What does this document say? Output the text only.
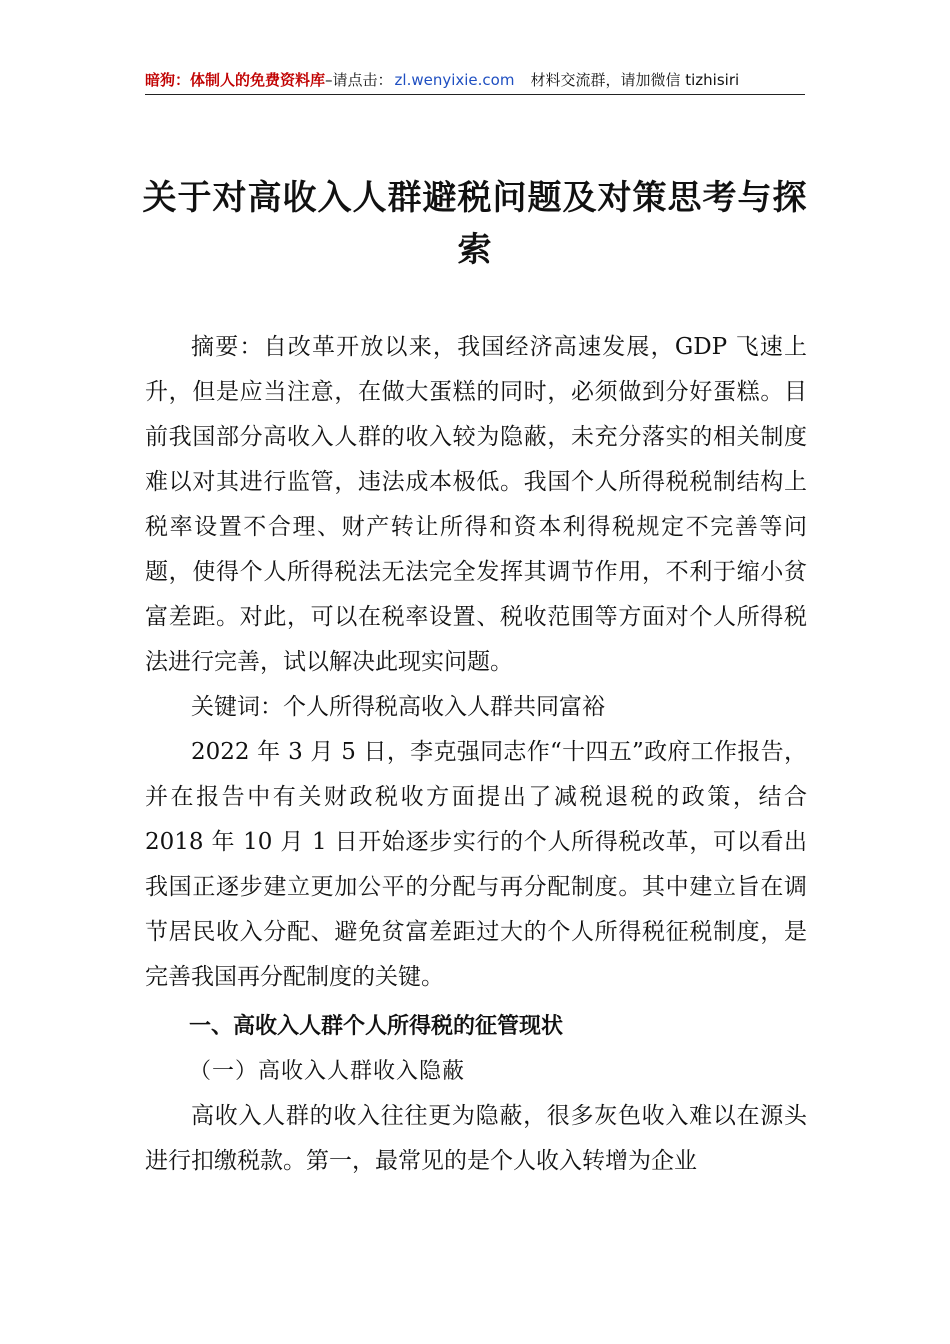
暗狗：体制人的免费资料库–请点击： zl.wenyixie.com 材料交流群，请加微信 tizhisiri
关于对高收入人群避税问题及对策思考与探索

摘要：自改革开放以来，我国经济高速发展，GDP 飞速上升，但是应当注意，在做大蛋糕的同时，必须做到分好蛋糕。目前我国部分高收入人群的收入较为隐蔽，未充分落实的相关制度难以对其进行监管，违法成本极低。我国个人所得税税制结构上税率设置不合理、财产转让所得和资本利得税规定不完善等问题，使得个人所得税法无法完全发挥其调节作用，不利于缩小贫富差距。对此，可以在税率设置、税收范围等方面对个人所得税法进行完善，试以解决此现实问题。

关键词：个人所得税高收入人群共同富裕

2022 年 3 月 5 日，李克强同志作“十四五”政府工作报告，并在报告中有关财政税收方面提出了减税退税的政策，结合 2018 年 10 月 1 日开始逐步实行的个人所得税改革，可以看出我国正逐步建立更加公平的分配与再分配制度。其中建立旨在调节居民收入分配、避免贫富差距过大的个人所得税征税制度，是完善我国再分配制度的关键。

一、高收入人群个人所得税的征管现状

（一）高收入人群收入隐蔽

高收入人群的收入往往更为隐蔽，很多灰色收入难以在源头进行扣缴税款。第一，最常见的是个人收入转增为企业
